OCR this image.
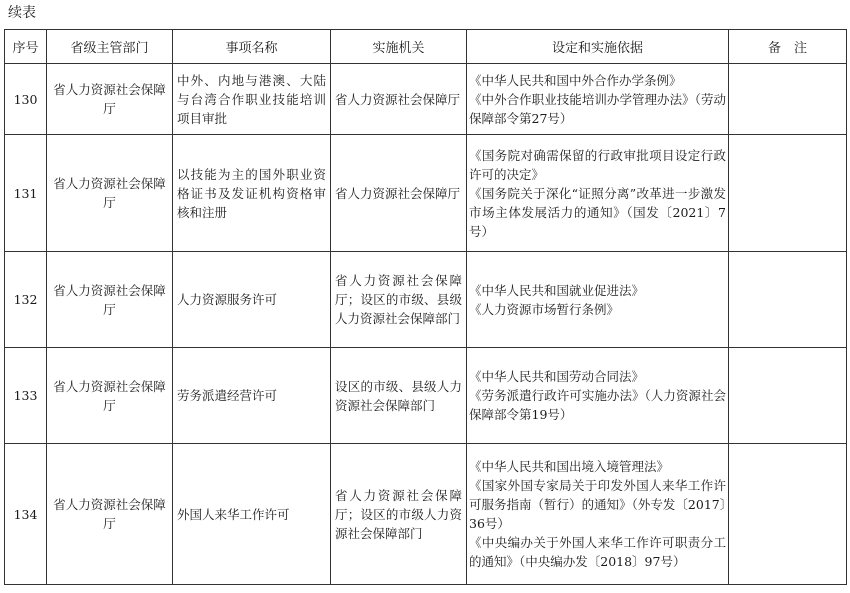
续表
序号	省级主管部门	事项名称	实施机关	设定和实施依据	备　注
130	省人力资源社会保障厅	中外、内地与港澳、大陆与台湾合作职业技能培训项目审批	省人力资源社会保障厅	《中华人民共和国中外合作办学条例》
《中外合作职业技能培训办学管理办法》（劳动保障部令第27号）	

131	省人力资源社会保障厅	以技能为主的国外职业资格证书及发证机构资格审核和注册	省人力资源社会保障厅	《国务院对确需保留的行政审批项目设定行政许可的决定》
《国务院关于深化“证照分离”改革进一步激发市场主体发展活力的通知》（国发〔2021〕7号）	

132	省人力资源社会保障厅	人力资源服务许可	省人力资源社会保障厅；设区的市级、县级人力资源社会保障部门	《中华人民共和国就业促进法》
《人力资源市场暂行条例》	

133	省人力资源社会保障厅	劳务派遣经营许可	设区的市级、县级人力资源社会保障部门	《中华人民共和国劳动合同法》
《劳务派遣行政许可实施办法》（人力资源社会保障部令第19号）	

134	省人力资源社会保障厅	外国人来华工作许可	省人力资源社会保障厅；设区的市级人力资源社会保障部门	《中华人民共和国出境入境管理法》
《国家外国专家局关于印发外国人来华工作许可服务指南（暂行）的通知》（外专发〔2017〕36号）
《中央编办关于外国人来华工作许可职责分工的通知》（中央编办发〔2018〕97号）	
